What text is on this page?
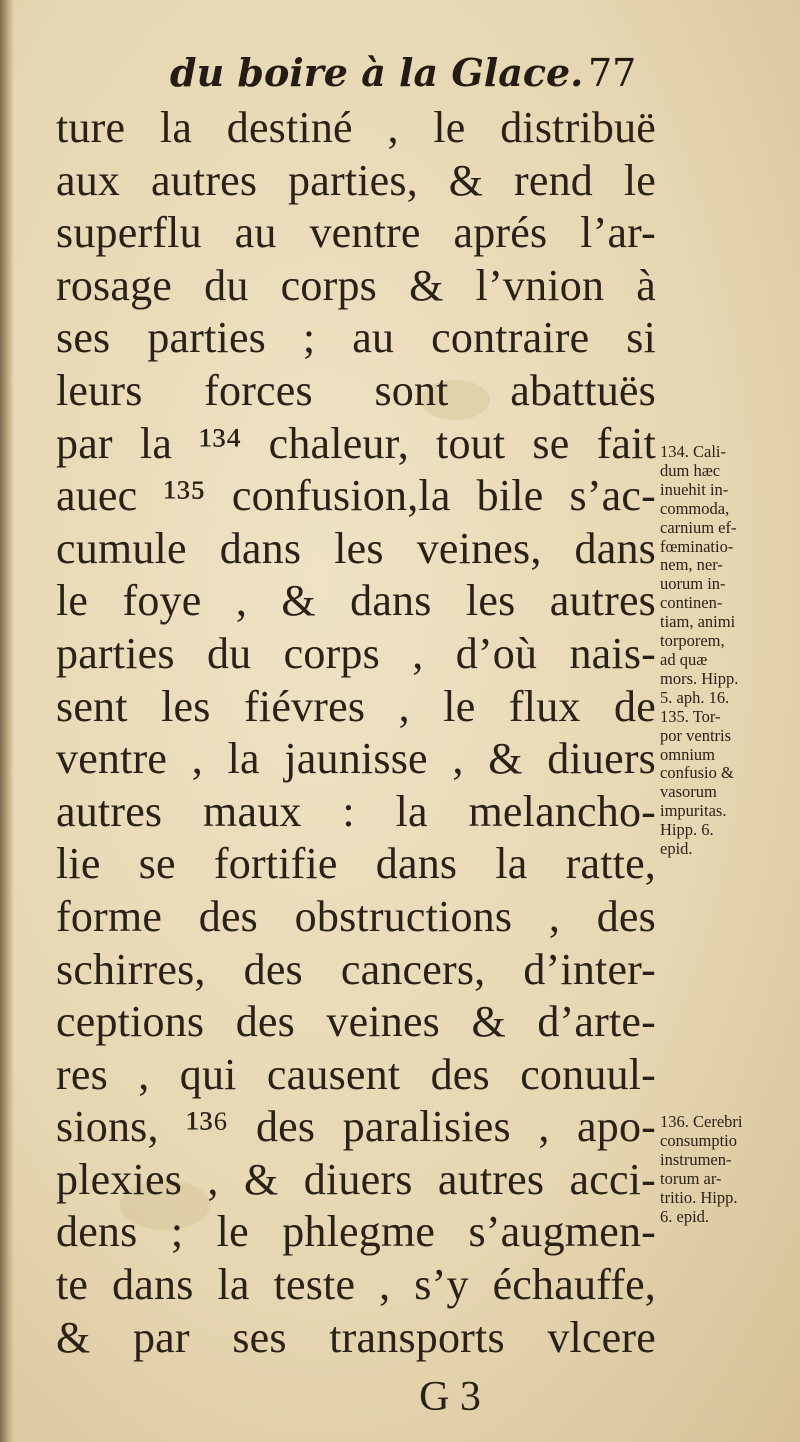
du boire à la Glace. 77
ture la destiné , le distribuë
aux autres parties, & rend le
superflu au ventre aprés l’ar-
rosage du corps & l’vnion à
ses parties ; au contraire si
leurs forces sont abattuës
par la ¹³⁴ chaleur, tout se fait
auec ¹³⁵ confusion,la bile s’ac-
cumule dans les veines, dans
le foye , & dans les autres
parties du corps , d’où nais-
sent les fiévres , le flux de
ventre , la jaunisse , & diuers
autres maux : la melancho-
lie se fortifie dans la ratte,
forme des obstructions , des
schirres, des cancers, d’inter-
ceptions des veines & d’arte-
res , qui causent des conuul-
sions, ¹³⁶ des paralisies , apo-
plexies , & diuers autres acci-
dens ; le phlegme s’augmen-
te dans la teste , s’y échauffe,
& par ses transports vlcere
134. Cali-
dum hæc
inuehit in-
commoda,
carnium ef-
fœminatio-
nem, ner-
uorum in-
continen-
tiam, animi
torporem,
ad quæ
mors. Hipp.
5. aph. 16.
135. Tor-
por ventris
omnium
confusio &
vasorum
impuritas.
Hipp. 6.
epid.
136. Cerebri
consumptio
instrumen-
torum ar-
tritio. Hipp.
6. epid.
G 3
